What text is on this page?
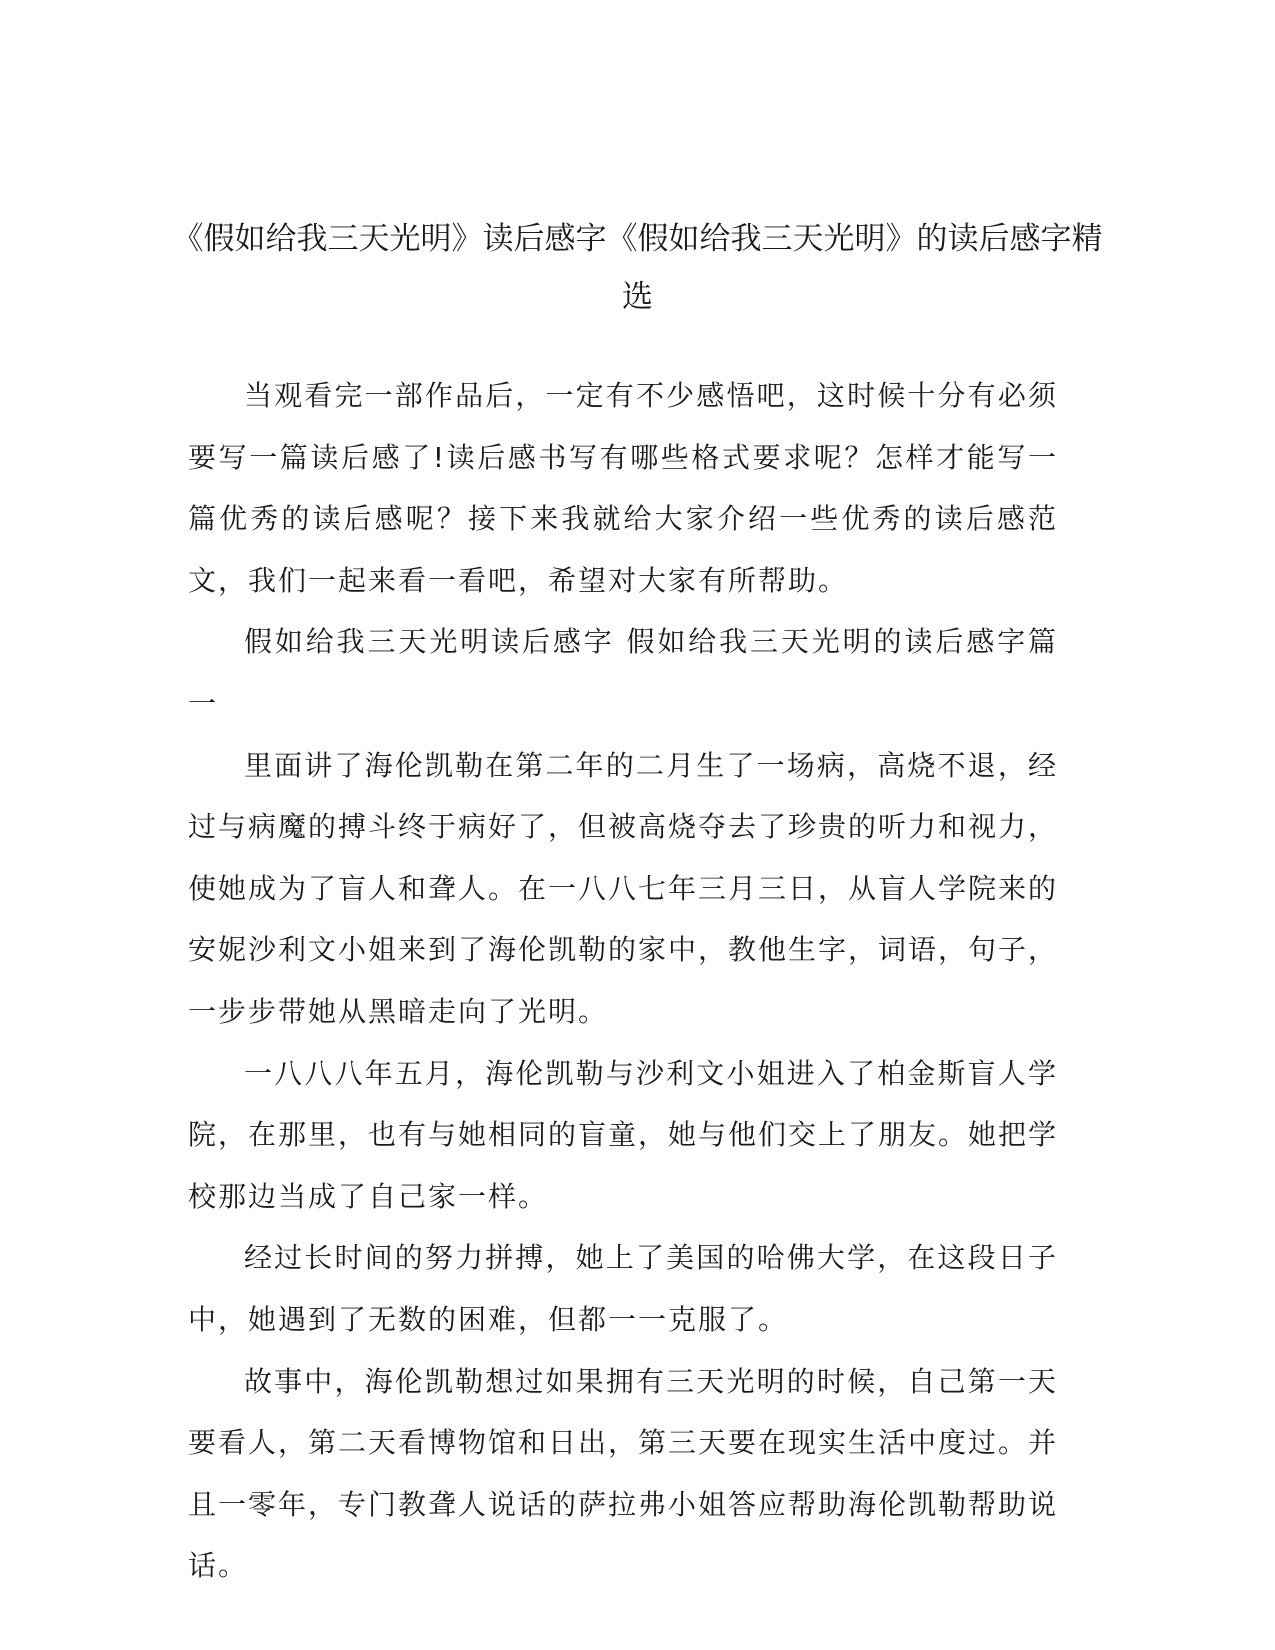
《假如给我三天光明》读后感字《假如给我三天光明》的读后感字精选

当观看完一部作品后，一定有不少感悟吧，这时候十分有必须要写一篇读后感了!读后感书写有哪些格式要求呢？怎样才能写一篇优秀的读后感呢？接下来我就给大家介绍一些优秀的读后感范文，我们一起来看一看吧，希望对大家有所帮助。

假如给我三天光明读后感字 假如给我三天光明的读后感字篇一

里面讲了海伦凯勒在第二年的二月生了一场病，高烧不退，经过与病魔的搏斗终于病好了，但被高烧夺去了珍贵的听力和视力，使她成为了盲人和聋人。在一八八七年三月三日，从盲人学院来的安妮沙利文小姐来到了海伦凯勒的家中，教他生字，词语，句子，一步步带她从黑暗走向了光明。

一八八八年五月，海伦凯勒与沙利文小姐进入了柏金斯盲人学院，在那里，也有与她相同的盲童，她与他们交上了朋友。她把学校那边当成了自己家一样。

经过长时间的努力拼搏，她上了美国的哈佛大学，在这段日子中，她遇到了无数的困难，但都一一克服了。

故事中，海伦凯勒想过如果拥有三天光明的时候，自己第一天要看人，第二天看博物馆和日出，第三天要在现实生活中度过。并且一零年，专门教聋人说话的萨拉弗小姐答应帮助海伦凯勒帮助说话。
